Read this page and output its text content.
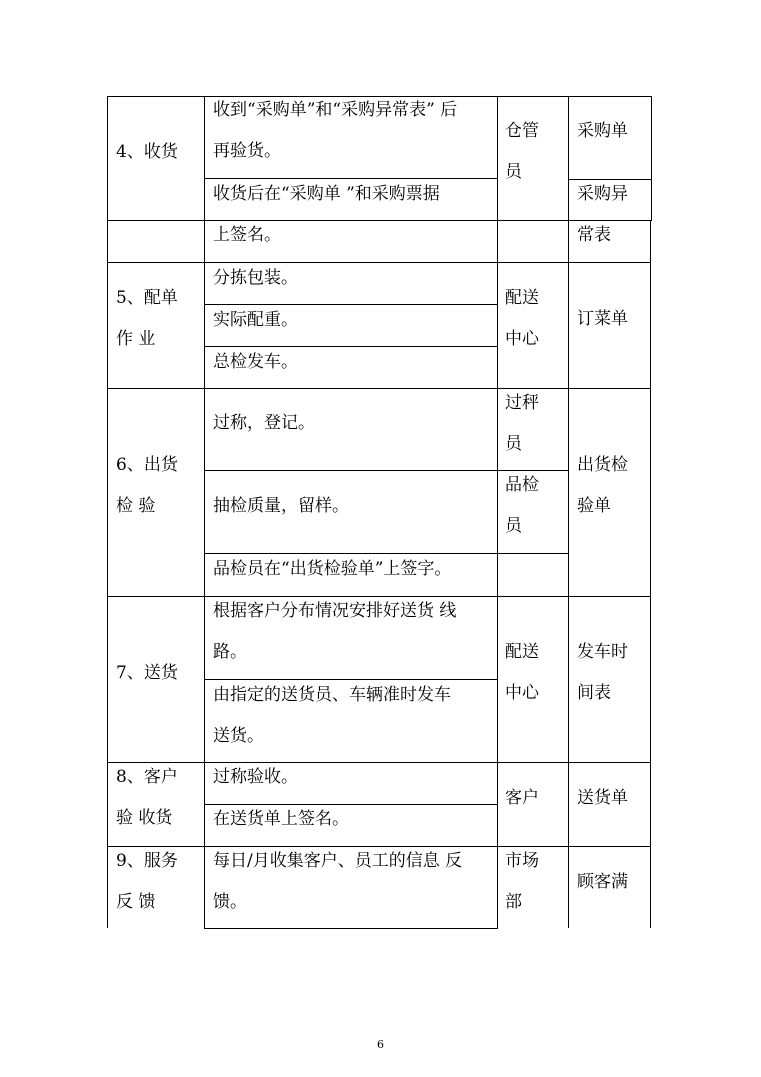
4、收货
收到“采购单”和“采购异常表” 后
再验货。
收货后在“采购单 ”和采购票据
上签名。
仓管
员
采购单
采购异
常表
5、配单
作 业
分拣包装。
实际配重。
总检发车。
配送
中心
订菜单
6、出货
检 验
过称，登记。
抽检质量，留样。
品检员在“出货检验单”上签字。
过秤
员
品检
员
出货检
验单
7、送货
根据客户分布情况安排好送货 线
路。
由指定的送货员、车辆准时发车
送货。
配送
中心
发车时
间表
8、客户
验 收货
过称验收。
在送货单上签名。
客户 送货单
9、服务
反 馈
每日/月收集客户、员工的信息 反
馈。
市场
部
顾客满
6
